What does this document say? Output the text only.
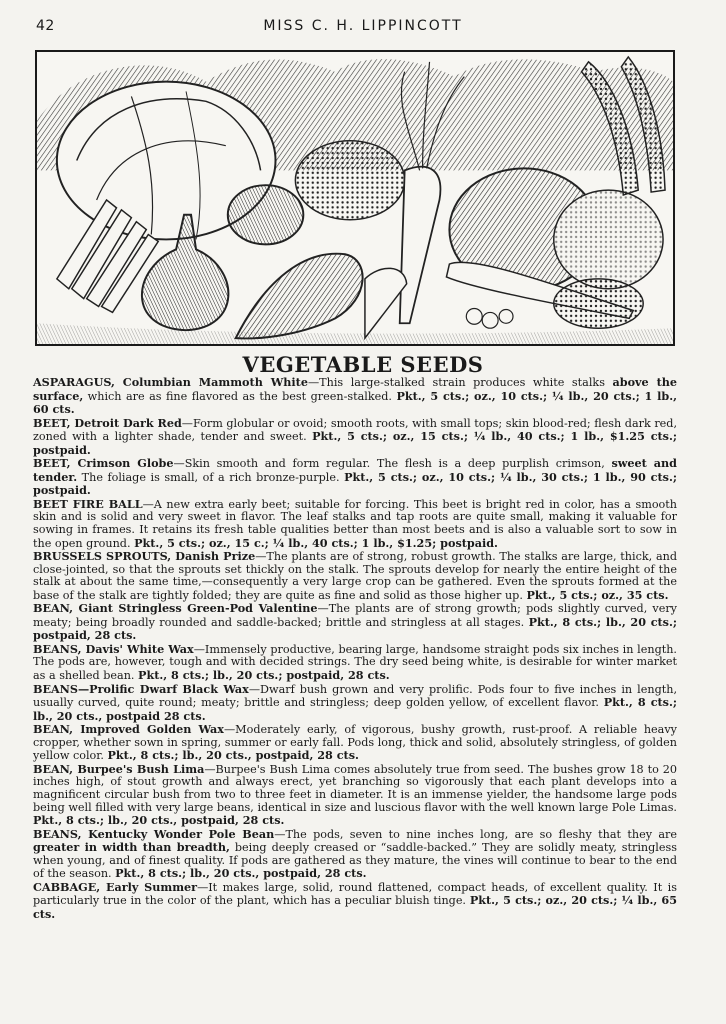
42	MISS C. H. LIPPINCOTT
VEGETABLE SEEDS

ASPARAGUS, Columbian Mammoth White—This large-stalked strain produces white stalks above the surface, which are as fine flavored as the best green-stalked. Pkt., 5 cts.; oz., 10 cts.; ¼ lb., 20 cts.; 1 lb., 60 cts.

BEET, Detroit Dark Red—Form globular or ovoid; smooth roots, with small tops; skin blood-red; flesh dark red, zoned with a lighter shade, tender and sweet. Pkt., 5 cts.; oz., 15 cts.; ¼ lb., 40 cts.; 1 lb., $1.25 cts.; postpaid.

BEET, Crimson Globe—Skin smooth and form regular. The flesh is a deep purplish crimson, sweet and tender. The foliage is small, of a rich bronze-purple. Pkt., 5 cts.; oz., 10 cts.; ¼ lb., 30 cts.; 1 lb., 90 cts.; postpaid.

BEET FIRE BALL—A new extra early beet; suitable for forcing. This beet is bright red in color, has a smooth skin and is solid and very sweet in flavor. The leaf stalks and tap roots are quite small, making it valuable for sowing in frames. It retains its fresh table qualities better than most beets and is also a valuable sort to sow in the open ground. Pkt., 5 cts.; oz., 15 c.; ¼ lb., 40 cts.; 1 lb., $1.25; postpaid.

BRUSSELS SPROUTS, Danish Prize—The plants are of strong, robust growth. The stalks are large, thick, and close-jointed, so that the sprouts set thickly on the stalk. The sprouts develop for nearly the entire height of the stalk at about the same time,—consequently a very large crop can be gathered. Even the sprouts formed at the base of the stalk are tightly folded; they are quite as fine and solid as those higher up. Pkt., 5 cts.; oz., 35 cts.

BEAN, Giant Stringless Green-Pod Valentine—The plants are of strong growth; pods slightly curved, very meaty; being broadly rounded and saddle-backed; brittle and stringless at all stages. Pkt., 8 cts.; lb., 20 cts.; postpaid, 28 cts.

BEANS, Davis' White Wax—Immensely productive, bearing large, handsome straight pods six inches in length. The pods are, however, tough and with decided strings. The dry seed being white, is desirable for winter market as a shelled bean. Pkt., 8 cts.; lb., 20 cts.; postpaid, 28 cts.

BEANS—Prolific Dwarf Black Wax—Dwarf bush grown and very prolific. Pods four to five inches in length, usually curved, quite round; meaty; brittle and stringless; deep golden yellow, of excellent flavor. Pkt., 8 cts.; lb., 20 cts., postpaid 28 cts.

BEAN, Improved Golden Wax—Moderately early, of vigorous, bushy growth, rust-proof. A reliable heavy cropper, whether sown in spring, summer or early fall. Pods long, thick and solid, absolutely stringless, of golden yellow color. Pkt., 8 cts.; lb., 20 cts., postpaid, 28 cts.

BEAN, Burpee's Bush Lima—Burpee's Bush Lima comes absolutely true from seed. The bushes grow 18 to 20 inches high, of stout growth and always erect, yet branching so vigorously that each plant develops into a magnificent circular bush from two to three feet in diameter. It is an immense yielder, the handsome large pods being well filled with very large beans, identical in size and luscious flavor with the well known large Pole Limas. Pkt., 8 cts.; lb., 20 cts., postpaid, 28 cts.

BEANS, Kentucky Wonder Pole Bean—The pods, seven to nine inches long, are so fleshy that they are greater in width than breadth, being deeply creased or “saddle-backed.” They are solidly meaty, stringless when young, and of finest quality. If pods are gathered as they mature, the vines will continue to bear to the end of the season. Pkt., 8 cts.; lb., 20 cts., postpaid, 28 cts.

CABBAGE, Early Summer—It makes large, solid, round flattened, compact heads, of excellent quality. It is particularly true in the color of the plant, which has a peculiar bluish tinge. Pkt., 5 cts.; oz., 20 cts.; ¼ lb., 65 cts.
